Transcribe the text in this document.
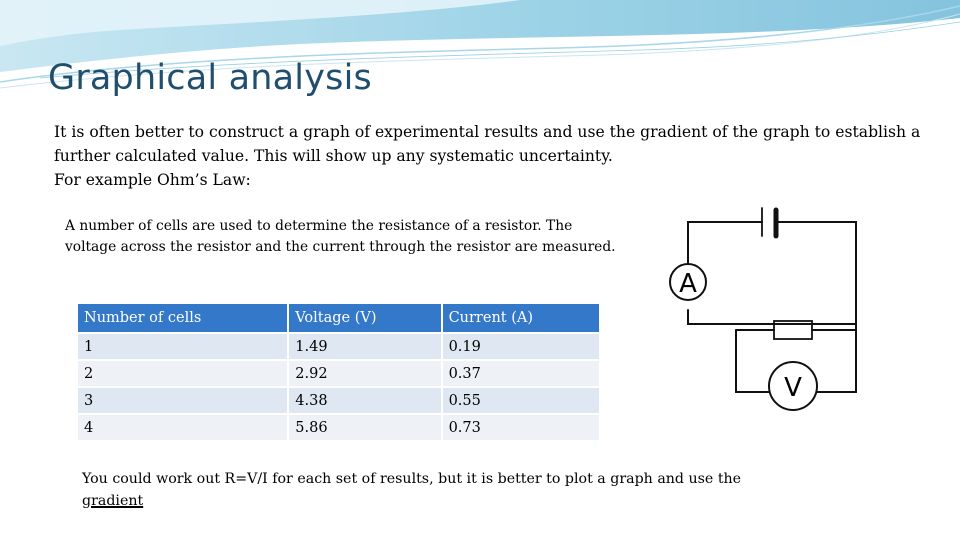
Graphical analysis

It is often better to construct a graph of experimental results and use the gradient of the graph to establish a further calculated value. This will show up any systematic uncertainty.

For example Ohm’s Law:

A number of cells are used to determine the resistance of a resistor. The voltage across the resistor and the current through the resistor are measured.

Number of cells	Voltage (V)	Current (A)
1	1.49	0.19
2	2.92	0.37
3	4.38	0.55
4	5.86	0.73
A
V
You could work out R=V/I for each set of results, but it is better to plot a graph and use the
gradient
